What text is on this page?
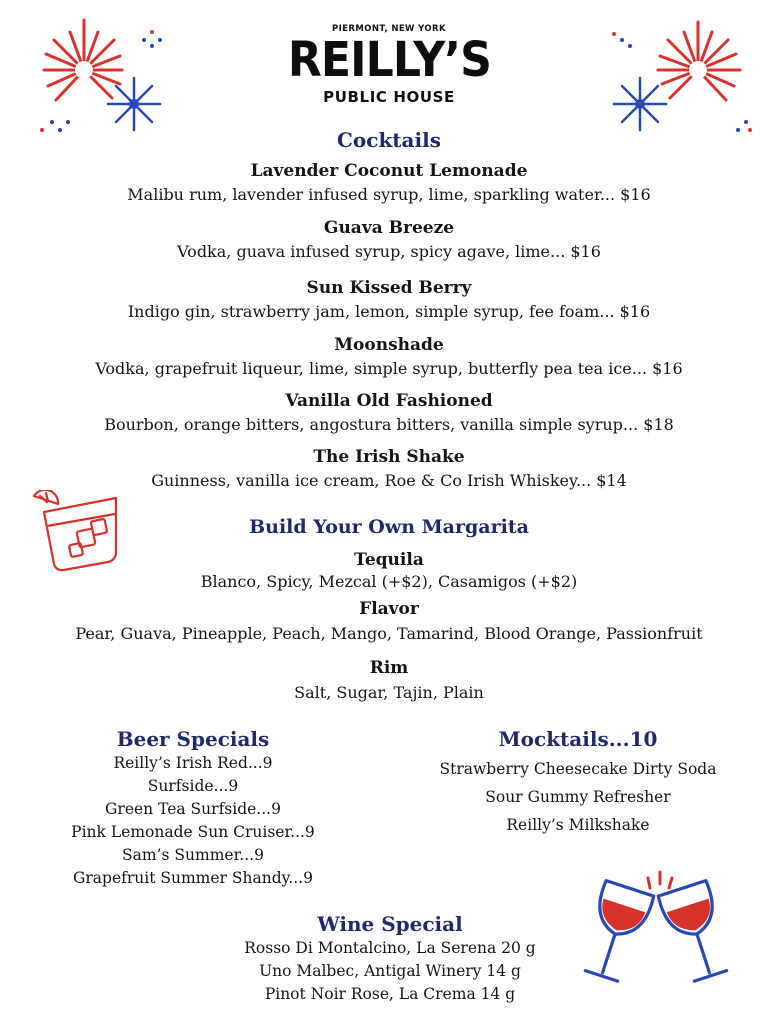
PIERMONT, NEW YORK
REILLY’S
PUBLIC HOUSE
Cocktails
Lavender Coconut Lemonade
Malibu rum, lavender infused syrup, lime, sparkling water... $16
Guava Breeze
Vodka, guava infused syrup, spicy agave, lime... $16
Sun Kissed Berry
Indigo gin, strawberry jam, lemon, simple syrup, fee foam... $16
Moonshade
Vodka, grapefruit liqueur, lime, simple syrup, butterfly pea tea ice... $16
Vanilla Old Fashioned
Bourbon, orange bitters, angostura bitters, vanilla simple syrup... $18
The Irish Shake
Guinness, vanilla ice cream, Roe & Co Irish Whiskey... $14
Build Your Own Margarita
Tequila
Blanco, Spicy, Mezcal (+$2), Casamigos (+$2)
Flavor
Pear, Guava, Pineapple, Peach, Mango, Tamarind, Blood Orange, Passionfruit
Rim
Salt, Sugar, Tajin, Plain
Beer Specials
Reilly’s Irish Red...9
Surfside...9
Green Tea Surfside...9
Pink Lemonade Sun Cruiser...9
Sam’s Summer...9
Grapefruit Summer Shandy...9
Mocktails...10
Strawberry Cheesecake Dirty Soda
Sour Gummy Refresher
Reilly’s Milkshake
Wine Special
Rosso Di Montalcino, La Serena 20 g
Uno Malbec, Antigal Winery 14 g
Pinot Noir Rose, La Crema 14 g
